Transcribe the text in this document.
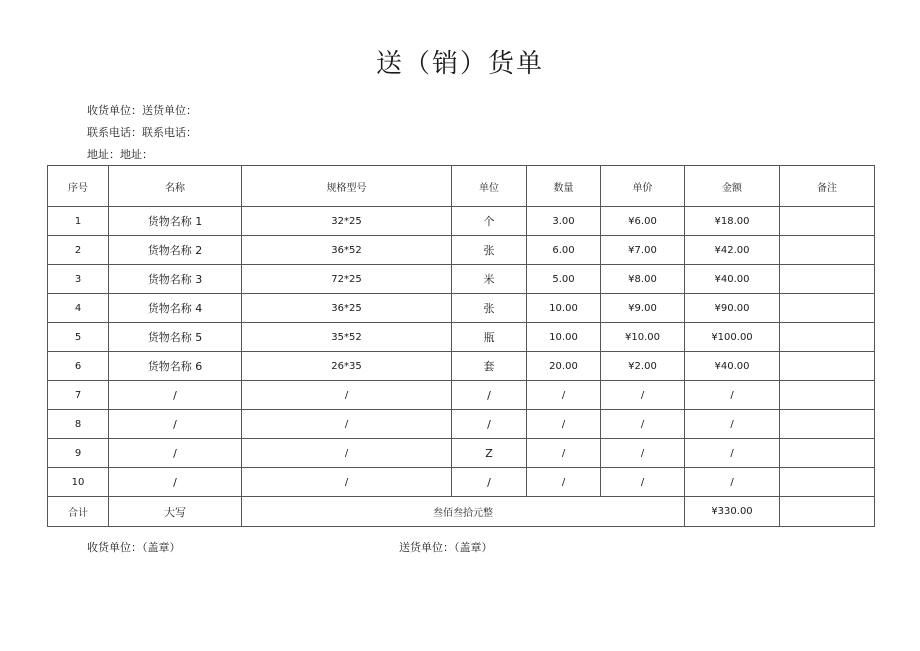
送（销）货单
收货单位：送货单位：
联系电话：联系电话：
地址：地址：
序号	名称	规格型号	单位	数量	单价	金额	备注
1	货物名称 1	32*25	个	3.00	¥6.00	¥18.00	
2	货物名称 2	36*52	张	6.00	¥7.00	¥42.00	
3	货物名称 3	72*25	米	5.00	¥8.00	¥40.00	
4	货物名称 4	36*25	张	10.00	¥9.00	¥90.00	
5	货物名称 5	35*52	瓶	10.00	¥10.00	¥100.00	
6	货物名称 6	26*35	套	20.00	¥2.00	¥40.00	
7	/	/	/	/	/	/	
8	/	/	/	/	/	/	
9	/	/	Z	/	/	/	
10	/	/	/	/	/	/	
合计	大写	叁佰叁拾元整				¥330.00	
收货单位：（盖章）	送货单位：（盖章）
